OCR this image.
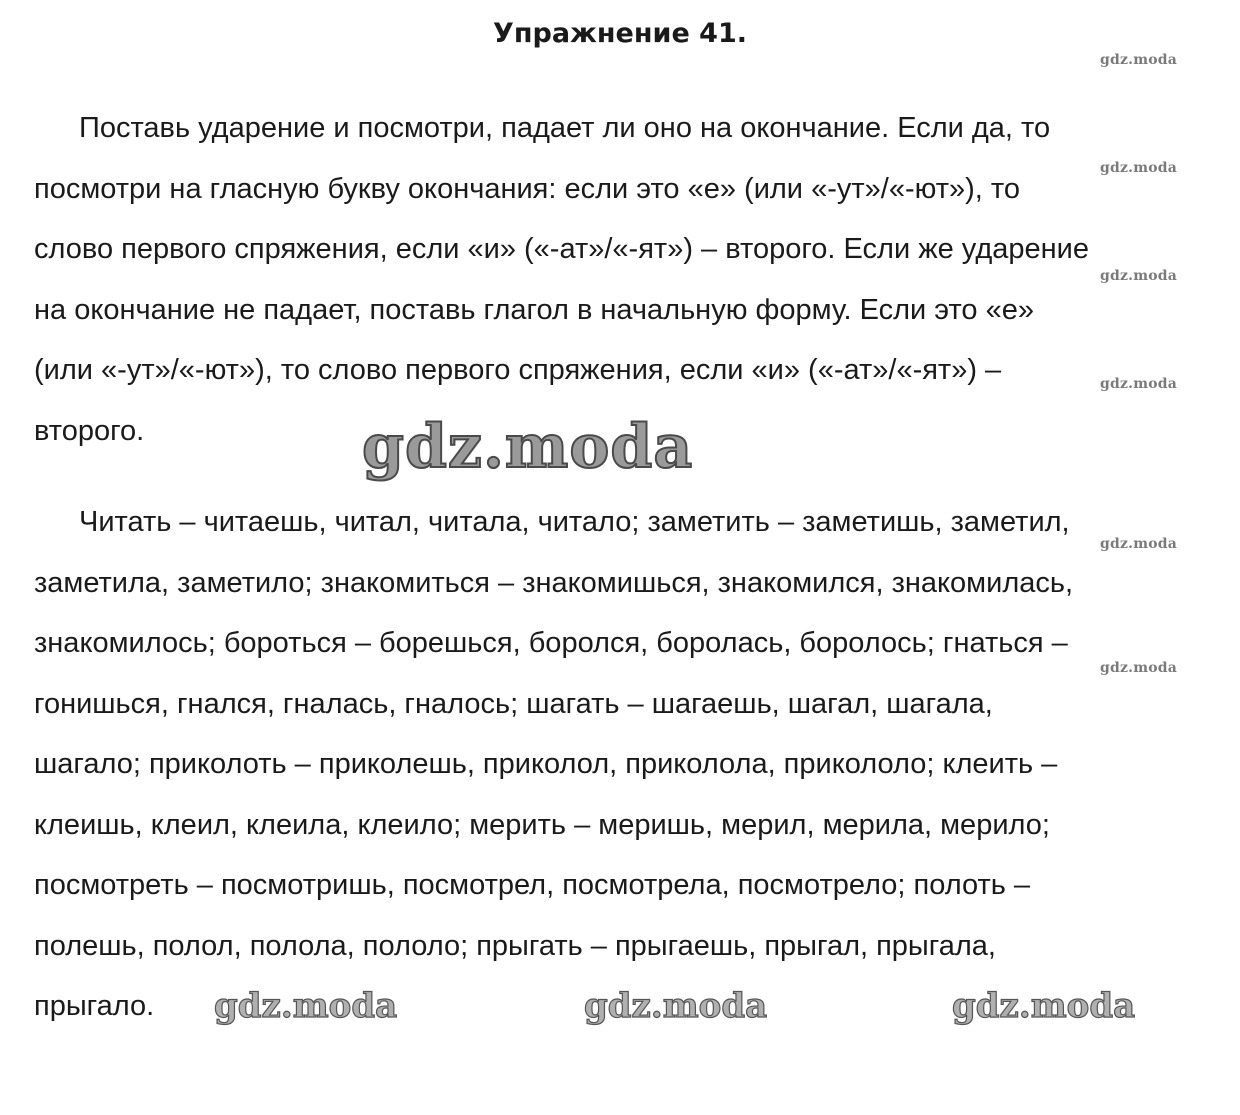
Упражнение 41.
Поставь ударение и посмотри, падает ли оно на окончание. Если да, то
посмотри на гласную букву окончания: если это «е» (или «-ут»/«-ют»), то
слово первого спряжения, если «и» («-ат»/«-ят») – второго. Если же ударение
на окончание не падает, поставь глагол в начальную форму. Если это «е»
(или «-ут»/«-ют»), то слово первого спряжения, если «и» («-ат»/«-ят») –
второго.
Читать – читаешь, читал, читала, читало; заметить – заметишь, заметил,
заметила, заметило; знакомиться – знакомишься, знакомился, знакомилась,
знакомилось; бороться – борешься, боролся, боролась, боролось; гнаться –
гонишься, гнался, гналась, гналось; шагать – шагаешь, шагал, шагала,
шагало; приколоть – приколешь, приколол, приколола, прикололо; клеить –
клеишь, клеил, клеила, клеило; мерить – меришь, мерил, мерила, мерило;
посмотреть – посмотришь, посмотрел, посмотрела, посмотрело; полоть –
полешь, полол, полола, пололо; прыгать – прыгаешь, прыгал, прыгала,
прыгало.
gdz.moda
gdz.moda
gdz.moda
gdz.moda
gdz.moda
gdz.moda
gdz.moda
gdz.moda	gdz.moda	gdz.moda
